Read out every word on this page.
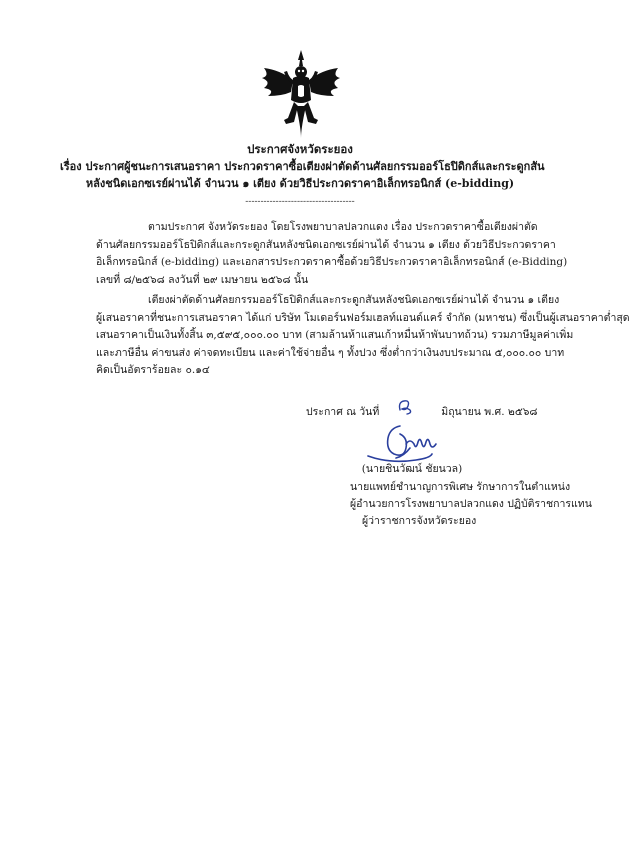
ประกาศจังหวัดระยอง
เรื่อง ประกาศผู้ชนะการเสนอราคา ประกวดราคาซื้อเตียงผ่าตัดด้านศัลยกรรมออร์โธปิดิกส์และกระดูกสัน
หลังชนิดเอกซเรย์ผ่านได้ จำนวน ๑ เตียง ด้วยวิธีประกวดราคาอิเล็กทรอนิกส์ (e-bidding)
------------------------------------
ตามประกาศ จังหวัดระยอง โดยโรงพยาบาลปลวกแดง เรื่อง ประกวดราคาซื้อเตียงผ่าตัด
ด้านศัลยกรรมออร์โธปิดิกส์และกระดูกสันหลังชนิดเอกซเรย์ผ่านได้ จำนวน ๑ เตียง ด้วยวิธีประกวดราคา
อิเล็กทรอนิกส์ (e-bidding) และเอกสารประกวดราคาซื้อด้วยวิธีประกวดราคาอิเล็กทรอนิกส์ (e-Bidding)
เลขที่ ๘/๒๕๖๘ ลงวันที่ ๒๙ เมษายน ๒๕๖๘ นั้น
เตียงผ่าตัดด้านศัลยกรรมออร์โธปิดิกส์และกระดูกสันหลังชนิดเอกซเรย์ผ่านได้ จำนวน ๑ เตียง
ผู้เสนอราคาที่ชนะการเสนอราคา ได้แก่ บริษัท โมเดอร์นฟอร์มเฮลท์แอนด์แคร์ จำกัด (มหาชน) ซึ่งเป็นผู้เสนอราคาต่ำสุด
เสนอราคาเป็นเงินทั้งสิ้น ๓,๕๙๕,๐๐๐.๐๐ บาท (สามล้านห้าแสนเก้าหมื่นห้าพันบาทถ้วน) รวมภาษีมูลค่าเพิ่ม
และภาษีอื่น ค่าขนส่ง ค่าจดทะเบียน และค่าใช้จ่ายอื่น ๆ ทั้งปวง ซึ่งต่ำกว่าเงินงบประมาณ ๕,๐๐๐.๐๐ บาท
คิดเป็นอัตราร้อยละ ๐.๑๔
ประกาศ ณ วันที่	มิถุนายน พ.ศ. ๒๕๖๘
(นายชินวัฒน์ ชัยนวล)
นายแพทย์ชำนาญการพิเศษ รักษาการในตำแหน่ง
ผู้อำนวยการโรงพยาบาลปลวกแดง ปฏิบัติราชการแทน
ผู้ว่าราชการจังหวัดระยอง
